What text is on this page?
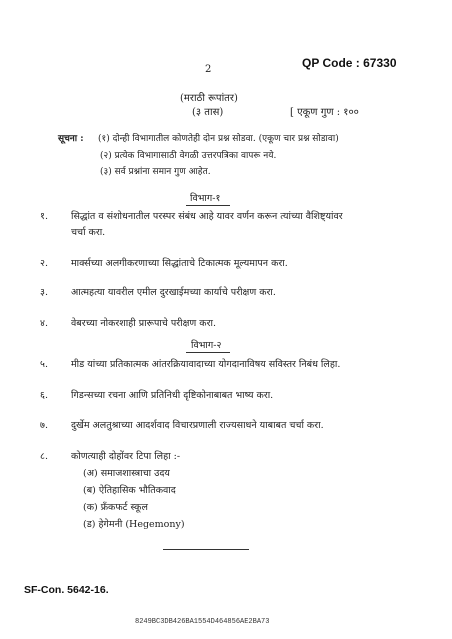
QP Code : 67330
2
(मराठी रूपांतर)
(३ तास)	[ एकूण गुण : १००
सूचना : (१) दोन्ही विभागातील कोणतेही दोन प्रश्न सोडवा. (एकूण चार प्रश्न सोडावा)
(२) प्रत्येक विभागासाठी वेगळी उत्तरपत्रिका वापरू नये.
(३) सर्व प्रश्नांना समान गुण आहेत.
विभाग-१
१. सिद्धांत व संशोधनातील परस्पर संबंध आहे यावर वर्णन करून त्यांच्या वैशिष्ट्यांवर
चर्चा करा.
२. मार्क्सच्या अलगीकरणाच्या सिद्धांताचे टिकात्मक मूल्यमापन करा.
३. आत्महत्या यावरील एमील दुरखाईमच्या कार्याचे परीक्षण करा.
४. वेबरच्या नोकरशाही प्रारूपाचे परीक्षण करा.
विभाग-२
५. मीड यांच्या प्रतिकात्मक आंतरक्रियावादाच्या योगदानाविषय सविस्तर निबंध लिहा.
६. गिडन्सच्या रचना आणि प्रतिनिधी दृष्टिकोनाबाबत भाष्य करा.
७. दुर्खेम अलतुश्राच्या आदर्शवाद विचारप्रणाली राज्यसाधने याबाबत चर्चा करा.
८. कोणत्याही दोहोंवर टिपा लिहा :-
(अ) समाजशास्त्राचा उदय
(ब) ऐतिहासिक भौतिकवाद
(क) फ्रँकफर्ट स्कूल
(ड) हेगेमनी (Hegemony)
SF-Con. 5642-16.
8249BC3DB426BA1554D464856AE2BA73
